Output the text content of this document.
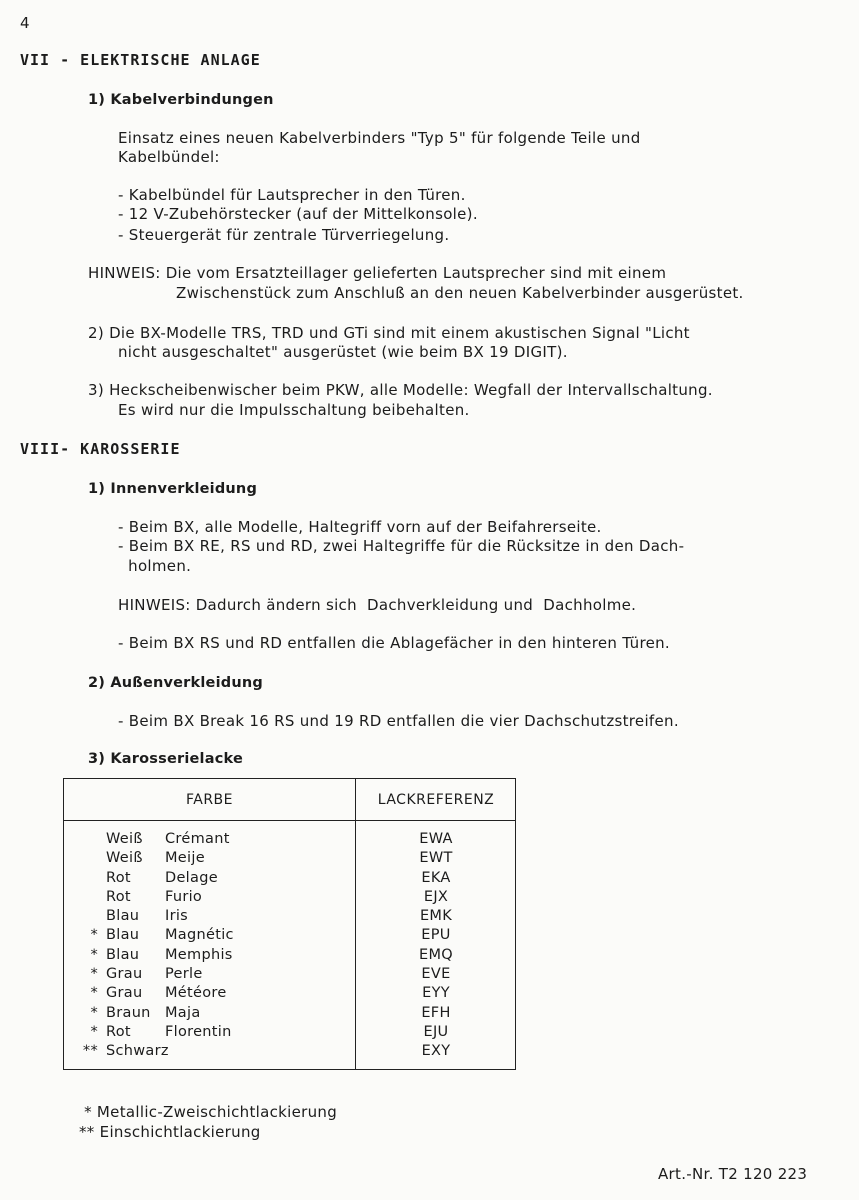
4
VII - ELEKTRISCHE ANLAGE
1) Kabelverbindungen
Einsatz eines neuen Kabelverbinders "Typ 5" für folgende Teile und
Kabelbündel:
- Kabelbündel für Lautsprecher in den Türen.
- 12 V-Zubehörstecker (auf der Mittelkonsole).
- Steuergerät für zentrale Türverriegelung.
HINWEIS: Die vom Ersatzteillager gelieferten Lautsprecher sind mit einem
Zwischenstück zum Anschluß an den neuen Kabelverbinder ausgerüstet.
2) Die BX-Modelle TRS, TRD und GTi sind mit einem akustischen Signal "Licht
nicht ausgeschaltet" ausgerüstet (wie beim BX 19 DIGIT).
3) Heckscheibenwischer beim PKW, alle Modelle: Wegfall der Intervallschaltung.
Es wird nur die Impulsschaltung beibehalten.
VIII- KAROSSERIE
1) Innenverkleidung
- Beim BX, alle Modelle, Haltegriff vorn auf der Beifahrerseite.
- Beim BX RE, RS und RD, zwei Haltegriffe für die Rücksitze in den Dach-
holmen.
HINWEIS: Dadurch ändern sich  Dachverkleidung und  Dachholme.
- Beim BX RS und RD entfallen die Ablagefächer in den hinteren Türen.
2) Außenverkleidung
- Beim BX Break 16 RS und 19 RD entfallen die vier Dachschutzstreifen.
3) Karosserielacke
FARBE	LACKREFERENZ
Weiß Crémant	EWA
Weiß Meije	EWT
Rot Delage	EKA
Rot Furio	EJX
Blau Iris	EMK
* Blau Magnétic	EPU
* Blau Memphis	EMQ
* Grau Perle	EVE
* Grau Météore	EYY
* Braun Maja	EFH
* Rot Florentin	EJU
** Schwarz	EXY
* Metallic-Zweischichtlackierung
** Einschichtlackierung
Art.-Nr. T2 120 223
